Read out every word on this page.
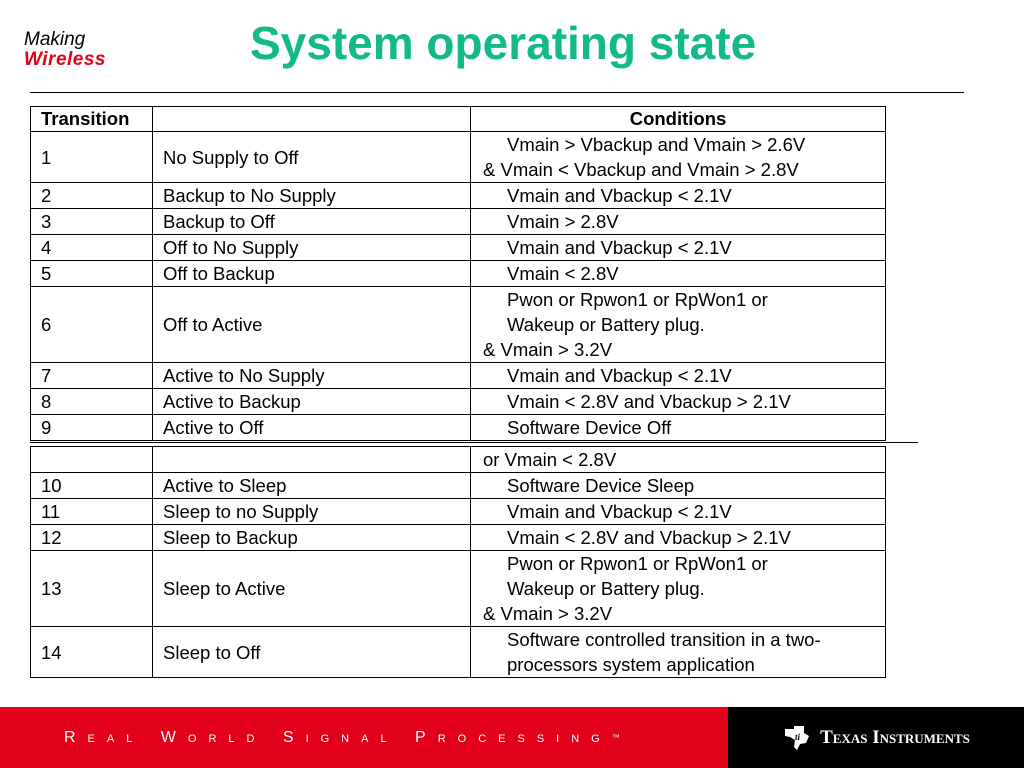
Making
Wireless	System operating state
Transition		Conditions
1	No Supply to Off	Vmain > Vbackup and Vmain > 2.6V
& Vmain < Vbackup and Vmain > 2.8V

2	Backup to No Supply	Vmain and Vbackup < 2.1V

3	Backup to Off	Vmain > 2.8V

4	Off to No Supply	Vmain and Vbackup < 2.1V

5	Off to Backup	Vmain < 2.8V

6	Off to Active	Pwon or Rpwon1 or RpWon1 or
Wakeup or Battery plug.
& Vmain > 3.2V

7	Active to No Supply	Vmain and Vbackup < 2.1V

8	Active to Backup	Vmain < 2.8V and Vbackup > 2.1V

9	Active to Off	Software Device Off

		or Vmain < 2.8V

10	Active to Sleep	Software Device Sleep

11	Sleep to no Supply	Vmain and Vbackup < 2.1V

12	Sleep to Backup	Vmain < 2.8V and Vbackup > 2.1V

13	Sleep to Active	Pwon or Rpwon1 or RpWon1 or
Wakeup or Battery plug.
& Vmain > 3.2V

14	Sleep to Off	Software controlled transition in a two-
processors system application
Real World Signal Processing ™	ti Texas Instruments
